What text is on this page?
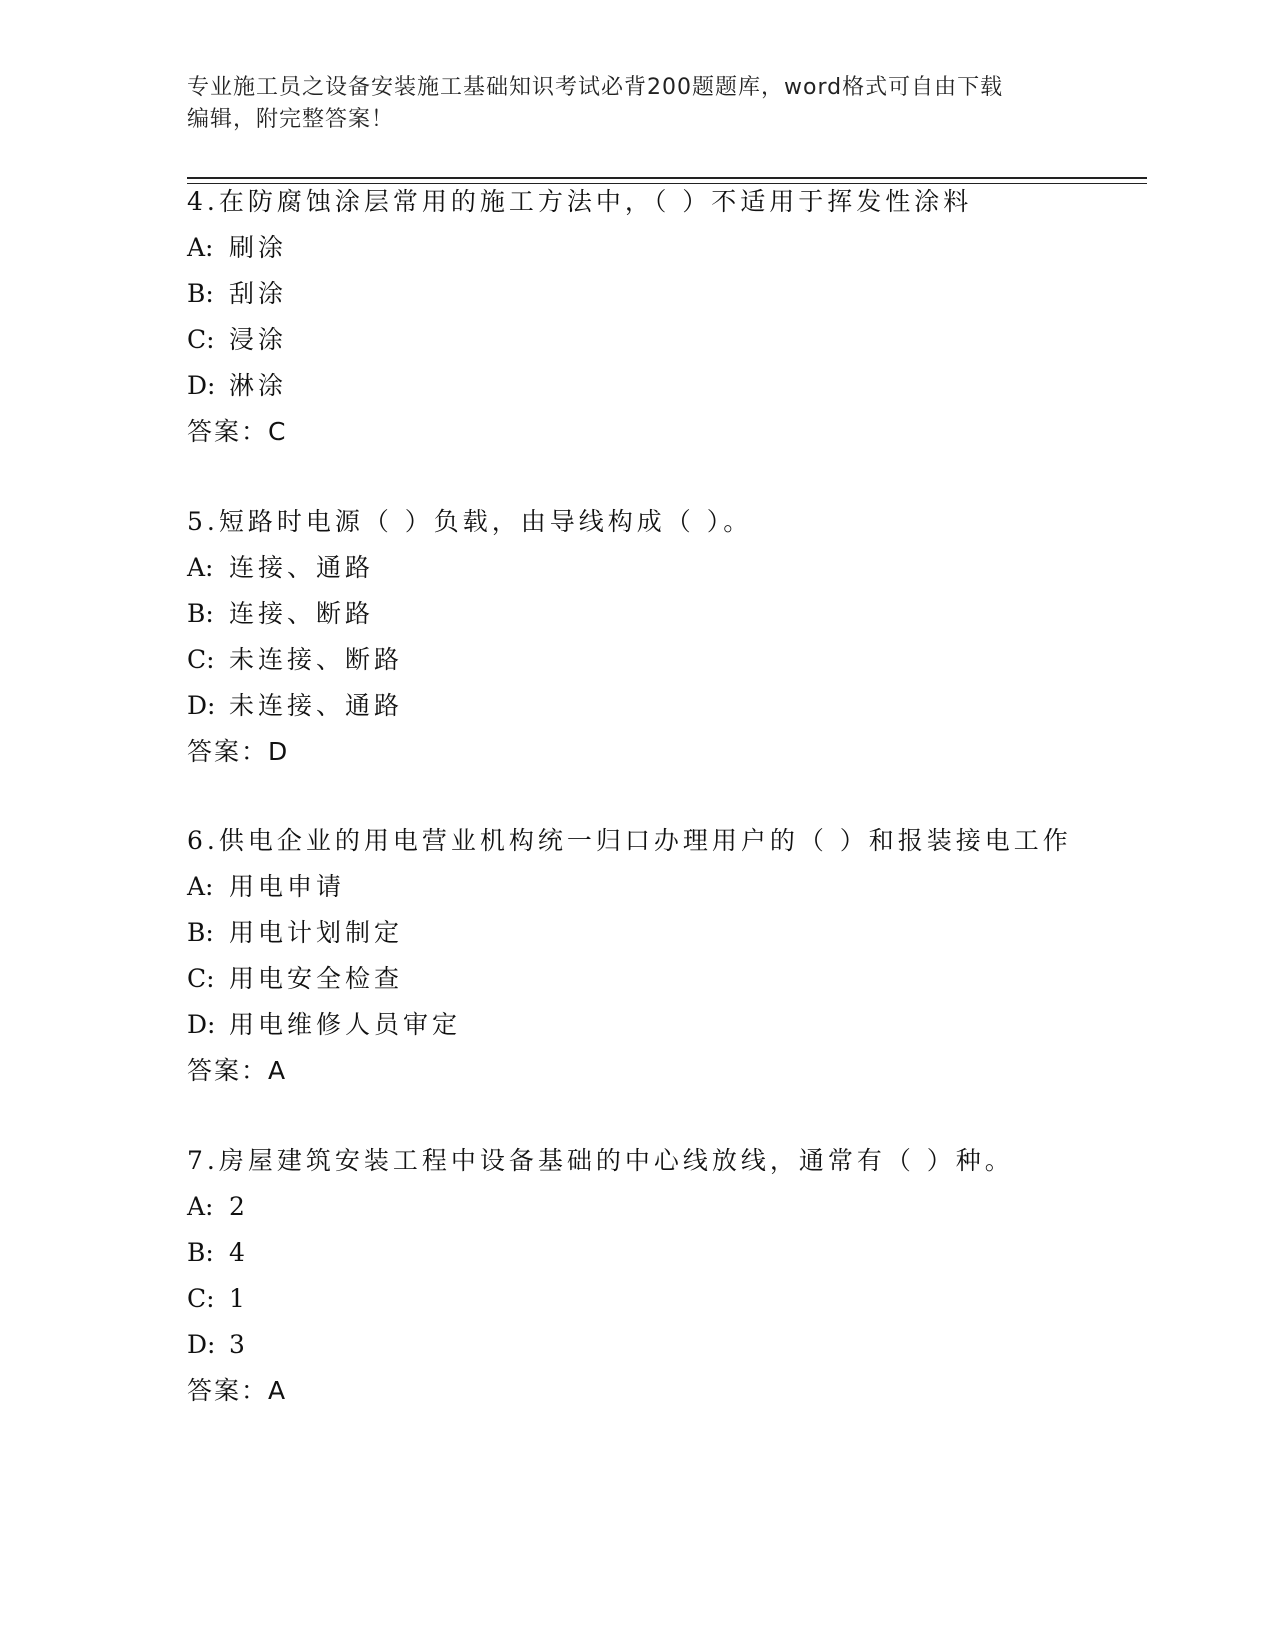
专业施工员之设备安装施工基础知识考试必背200题题库，word格式可自由下载
编辑，附完整答案！
4.在防腐蚀涂层常用的施工方法中，（ ）不适用于挥发性涂料
A: 刷涂
B: 刮涂
C: 浸涂
D: 淋涂
答案：C
5.短路时电源（ ）负载，由导线构成（ ）。
A: 连接、通路
B: 连接、断路
C: 未连接、断路
D: 未连接、通路
答案：D
6.供电企业的用电营业机构统一归口办理用户的（ ）和报装接电工作
A: 用电申请
B: 用电计划制定
C: 用电安全检查
D: 用电维修人员审定
答案：A
7.房屋建筑安装工程中设备基础的中心线放线，通常有（ ）种。
A: 2
B: 4
C: 1
D: 3
答案：A
